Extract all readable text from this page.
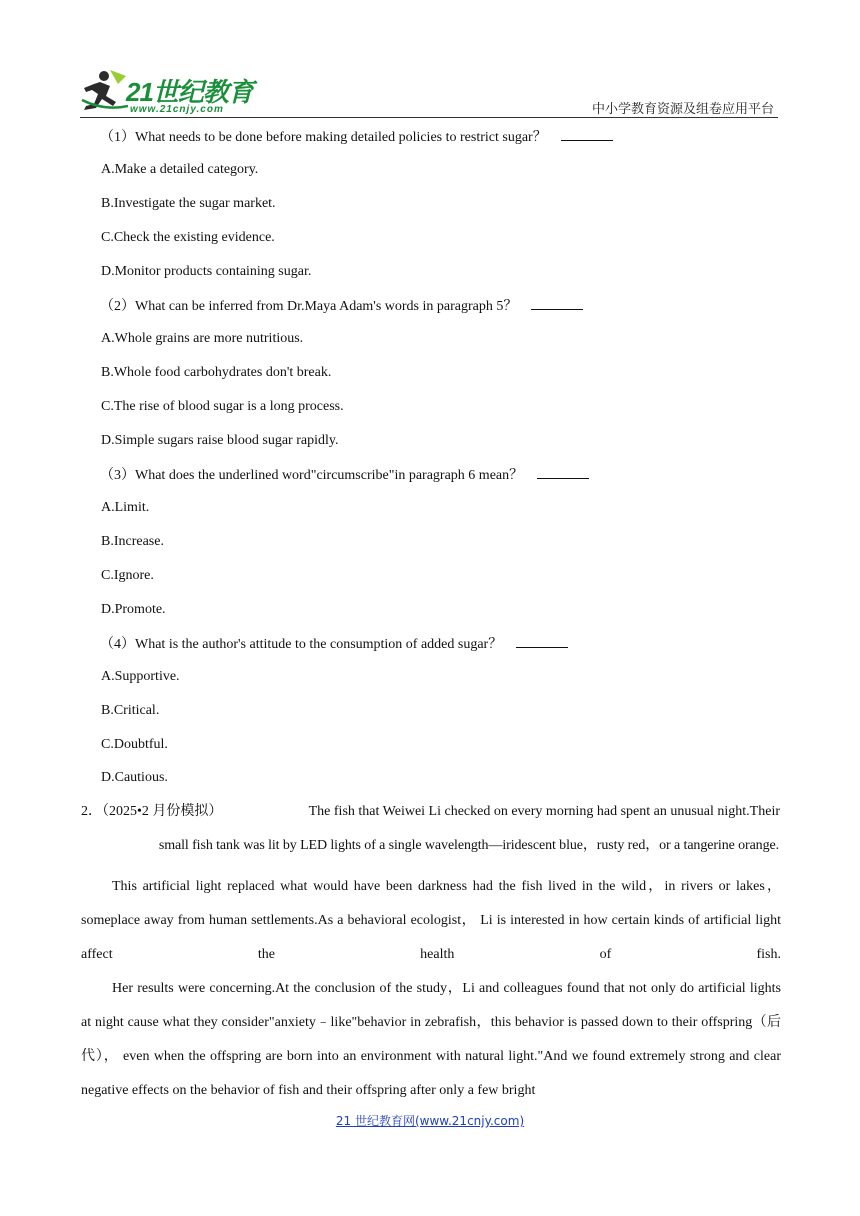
21世纪教育
www.21cnjy.com	中小学教育资源及组卷应用平台
（1）What needs to be done before making detailed policies to restrict sugar？
A.Make a detailed category.
B.Investigate the sugar market.
C.Check the existing evidence.
D.Monitor products containing sugar.
（2）What can be inferred from Dr.Maya Adam's words in paragraph 5？
A.Whole grains are more nutritious.
B.Whole food carbohydrates don't break.
C.The rise of blood sugar is a long process.
D.Simple sugars raise blood sugar rapidly.
（3）What does the underlined word"circumscribe"in paragraph 6 mean？
A.Limit.
B.Increase.
C.Ignore.
D.Promote.
（4）What is the author's attitude to the consumption of added sugar？
A.Supportive.
B.Critical.
C.Doubtful.
D.Cautious.
2．（2025•2 月份模拟）	The fish that Weiwei Li checked on every morning had spent an unusual night.Their
small fish tank was lit by LED lights of a single wavelength—iridescent blue，rusty red，or a tangerine orange.
This artificial light replaced what would have been darkness had the fish lived in the wild，in rivers or lakes，someplace away from human settlements.As a behavioral ecologist， Li is interested in how certain kinds of artificial light affect the health of fish.
Her results were concerning.At the conclusion of the study，Li and colleagues found that not only do artificial lights at night cause what they consider"anxiety﹣like"behavior in zebrafish，this behavior is passed down to their offspring（后代）， even when the offspring are born into an environment with natural light."And we found extremely strong and clear negative effects on the behavior of fish and their offspring after only a few bright
21 世纪教育网(www.21cnjy.com)
